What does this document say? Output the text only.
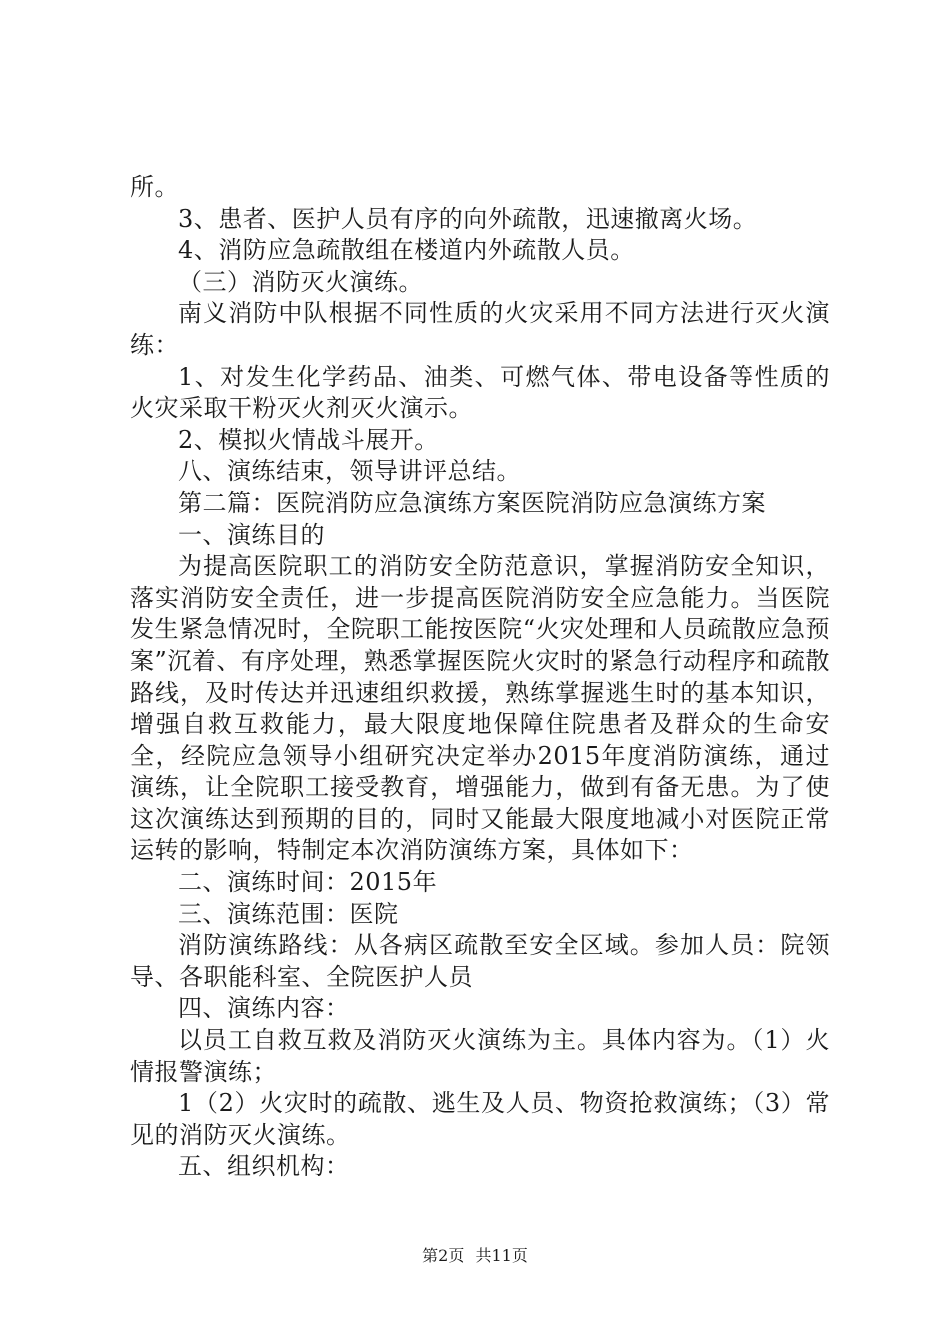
所。

3、患者、医护人员有序的向外疏散，迅速撤离火场。

4、消防应急疏散组在楼道内外疏散人员。

（三）消防灭火演练。

南义消防中队根据不同性质的火灾采用不同方法进行灭火演练：

1、对发生化学药品、油类、可燃气体、带电设备等性质的火灾采取干粉灭火剂灭火演示。

2、模拟火情战斗展开。

八、演练结束，领导讲评总结。

第二篇：医院消防应急演练方案医院消防应急演练方案

一、演练目的

为提高医院职工的消防安全防范意识，掌握消防安全知识，落实消防安全责任，进一步提高医院消防安全应急能力。当医院发生紧急情况时，全院职工能按医院“火灾处理和人员疏散应急预案”沉着、有序处理，熟悉掌握医院火灾时的紧急行动程序和疏散路线，及时传达并迅速组织救援，熟练掌握逃生时的基本知识，增强自救互救能力，最大限度地保障住院患者及群众的生命安全，经院应急领导小组研究决定举办2015年度消防演练，通过演练，让全院职工接受教育，增强能力，做到有备无患。为了使这次演练达到预期的目的，同时又能最大限度地减小对医院正常运转的影响，特制定本次消防演练方案，具体如下：

二、演练时间：2015年

三、演练范围：医院

消防演练路线：从各病区疏散至安全区域。参加人员：院领导、各职能科室、全院医护人员

四、演练内容：

以员工自救互救及消防灭火演练为主。具体内容为。（1）火情报警演练；

1（2）火灾时的疏散、逃生及人员、物资抢救演练；（3）常见的消防灭火演练。

五、组织机构：

第2页 共11页
